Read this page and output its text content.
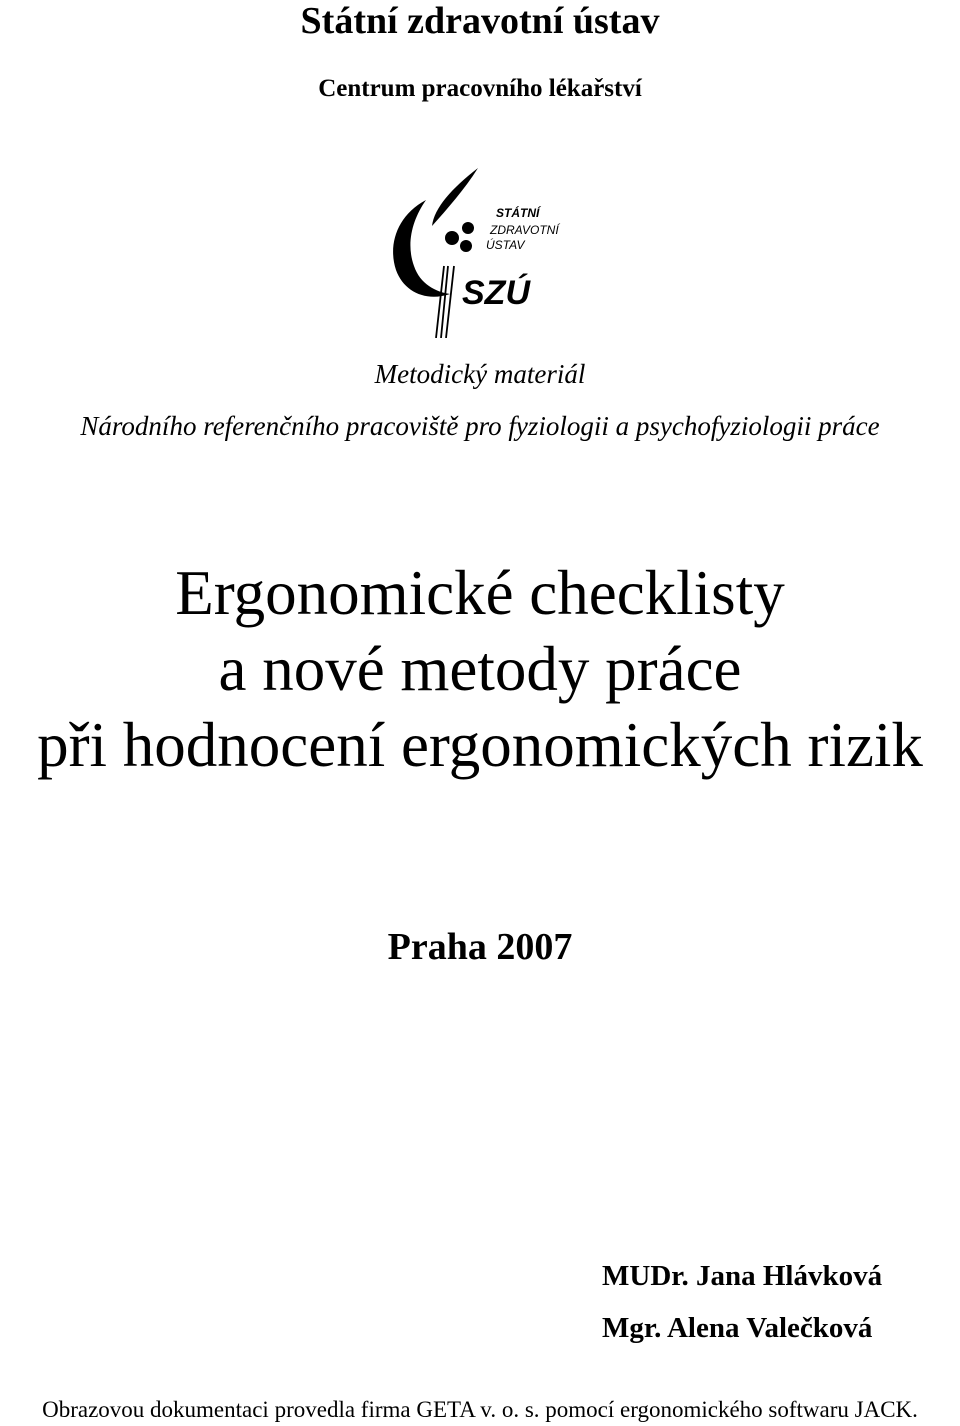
Státní zdravotní ústav
Centrum pracovního lékařství
STÁTNÍ
ZDRAVOTNÍ
ÚSTAV
SZÚ
Metodický materiál
Národního referenčního pracoviště pro fyziologii a psychofyziologii práce
Ergonomické checklisty
a nové metody práce
při hodnocení ergonomických rizik
Praha 2007
MUDr. Jana Hlávková
Mgr. Alena Valečková
Obrazovou dokumentaci provedla firma GETA v. o. s. pomocí ergonomického softwaru JACK.
